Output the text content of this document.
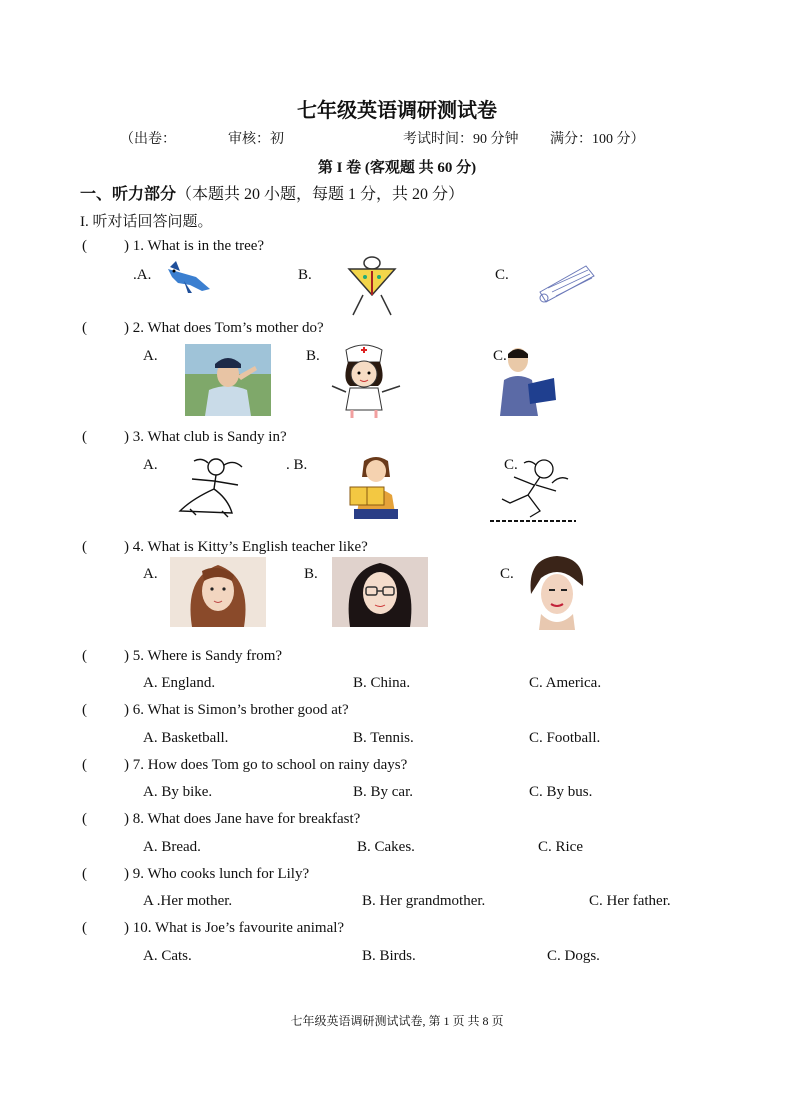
七年级英语调研测试卷
（出卷：	审核：初	考试时间：90 分钟 满分：100 分）
第 I 卷 (客观题 共 60 分)
一、听力部分（本题共 20 小题，每题 1 分，共 20 分）
I. 听对话回答问题。
( ) 1. What is in the tree?
.A.	B.	C.
( ) 2. What does Tom’s mother do?
A.	B.	C.
( ) 3. What club is Sandy in?
A.	. B.	C.
( ) 4. What is Kitty’s English teacher like?
A.	B.	C.
( ) 5. Where is Sandy from?
A. England.	B. China.	C. America.
( ) 6. What is Simon’s brother good at?
A. Basketball.	B. Tennis.	C. Football.
( ) 7. How does Tom go to school on rainy days?
A. By bike.	B. By car.	C. By bus.
( ) 8. What does Jane have for breakfast?
A. Bread.	B. Cakes.	C. Rice
( ) 9. Who cooks lunch for Lily?
A .Her mother.	B. Her grandmother.	C. Her father.
( ) 10. What is Joe’s favourite animal?
A. Cats.	B. Birds.	C. Dogs.
七年级英语调研测试试卷, 第 1 页 共 8 页
